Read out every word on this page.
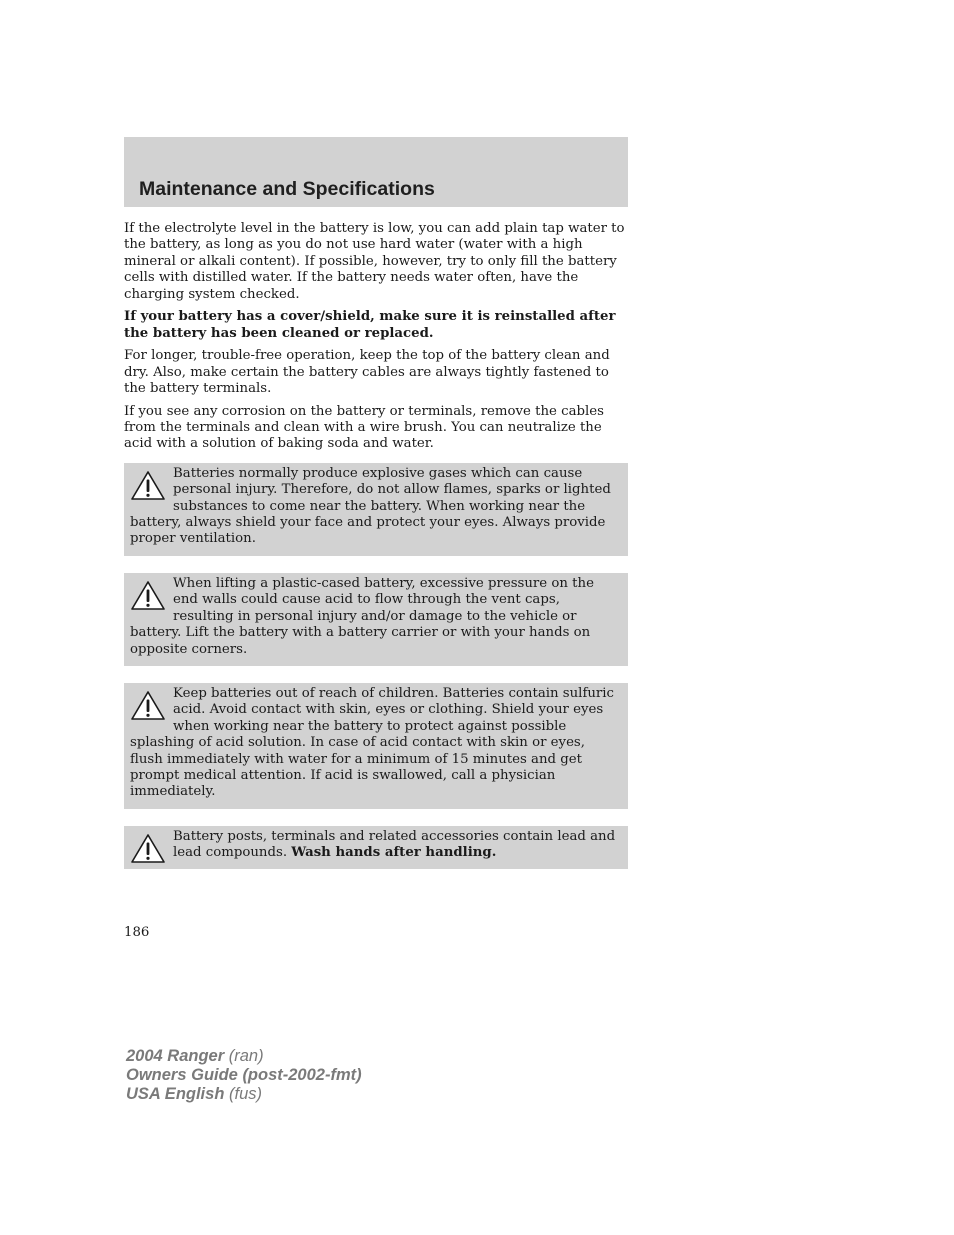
Maintenance and Specifications

If the electrolyte level in the battery is low, you can add plain tap water to the battery, as long as you do not use hard water (water with a high mineral or alkali content). If possible, however, try to only fill the battery cells with distilled water. If the battery needs water often, have the charging system checked.

If your battery has a cover/shield, make sure it is reinstalled after the battery has been cleaned or replaced.

For longer, trouble-free operation, keep the top of the battery clean and dry. Also, make certain the battery cables are always tightly fastened to the battery terminals.

If you see any corrosion on the battery or terminals, remove the cables from the terminals and clean with a wire brush. You can neutralize the acid with a solution of baking soda and water.

Batteries normally produce explosive gases which can cause personal injury. Therefore, do not allow flames, sparks or lighted substances to come near the battery. When working near the battery, always shield your face and protect your eyes. Always provide proper ventilation.
When lifting a plastic-cased battery, excessive pressure on the end walls could cause acid to flow through the vent caps, resulting in personal injury and/or damage to the vehicle or battery. Lift the battery with a battery carrier or with your hands on opposite corners.
Keep batteries out of reach of children. Batteries contain sulfuric acid. Avoid contact with skin, eyes or clothing. Shield your eyes when working near the battery to protect against possible splashing of acid solution. In case of acid contact with skin or eyes, flush immediately with water for a minimum of 15 minutes and get prompt medical attention. If acid is swallowed, call a physician immediately.
Battery posts, terminals and related accessories contain lead and lead compounds. Wash hands after handling.
186
2004 Ranger (ran)
Owners Guide (post-2002-fmt)
USA English (fus)
